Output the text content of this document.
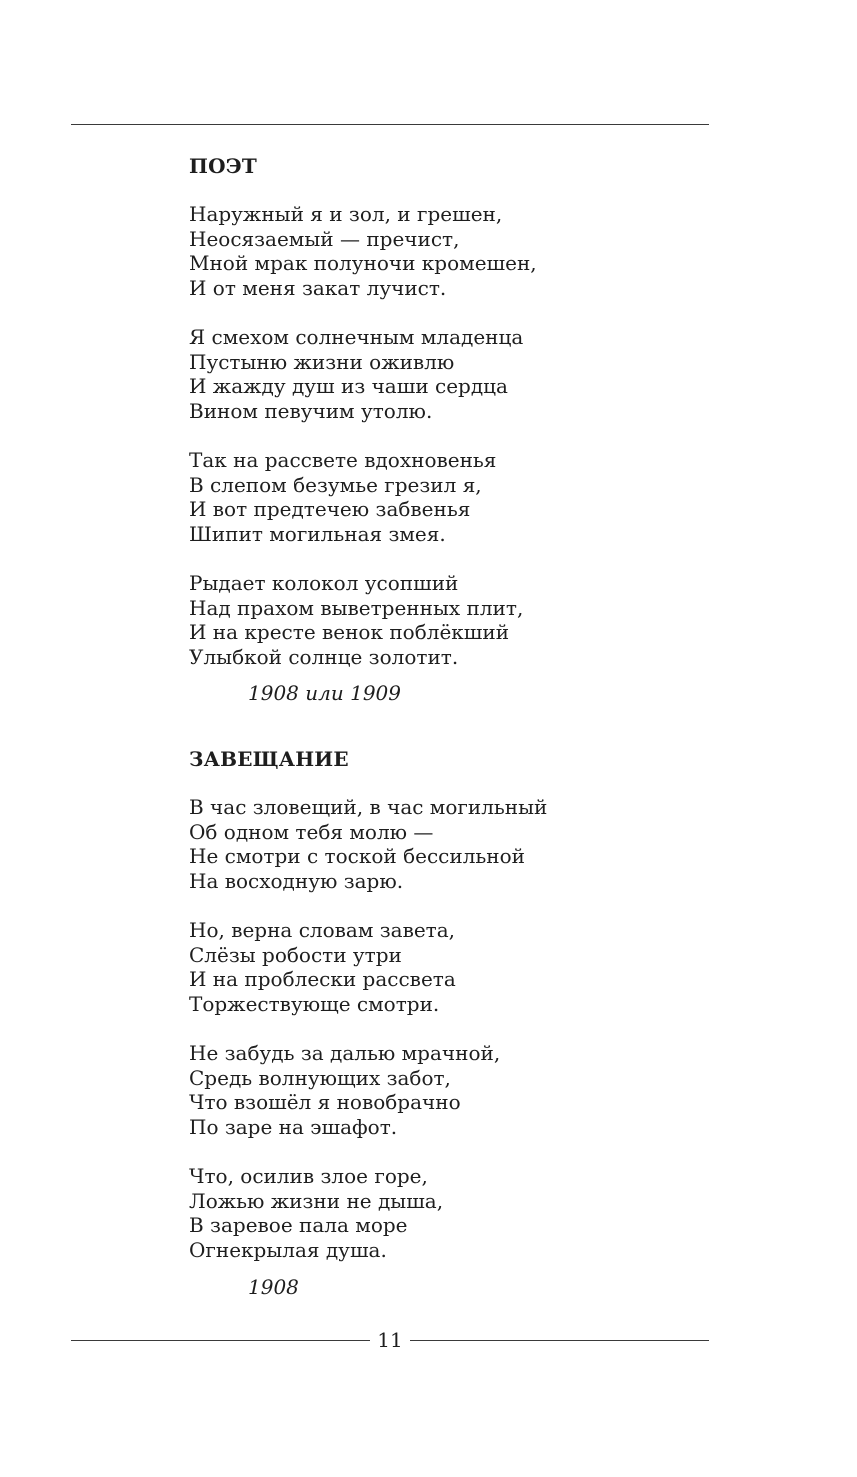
ПОЭТ
Наружный я и зол, и грешен,
Неосязаемый — пречист,
Мной мрак полуночи кромешен,
И от меня закат лучист.
Я смехом солнечным младенца
Пустыню жизни оживлю
И жажду душ из чаши сердца
Вином певучим утолю.
Так на рассвете вдохновенья
В слепом безумье грезил я,
И вот предтечею забвенья
Шипит могильная змея.
Рыдает колокол усопший
Над прахом выветренных плит,
И на кресте венок поблёкший
Улыбкой солнце золотит.
1908 или 1909
ЗАВЕЩАНИЕ
В час зловещий, в час могильный
Об одном тебя молю —
Не смотри с тоской бессильной
На восходную зарю.
Но, верна словам завета,
Слёзы робости утри
И на проблески рассвета
Торжествующе смотри.
Не забудь за далью мрачной,
Средь волнующих забот,
Что взошёл я новобрачно
По заре на эшафот.
Что, осилив злое горе,
Ложью жизни не дыша,
В заревое пала море
Огнекрылая душа.
1908
11
